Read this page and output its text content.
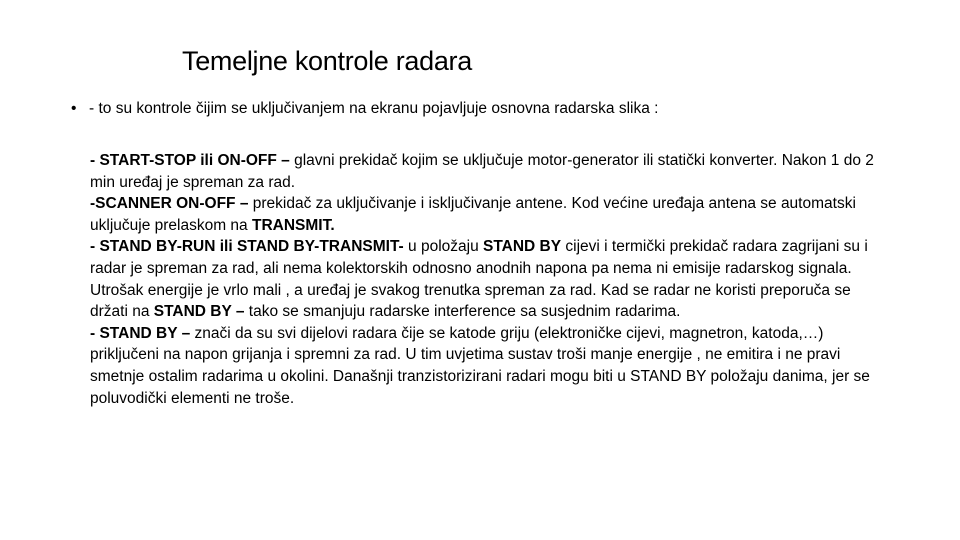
Temeljne kontrole radara
• - to su kontrole čijim se uključivanjem na ekranu pojavljuje osnovna radarska slika :

- START-STOP ili ON-OFF – glavni prekidač kojim se uključuje motor-generator ili statički konverter. Nakon 1 do 2 min uređaj je spreman za rad.

-SCANNER ON-OFF – prekidač za uključivanje i isključivanje antene. Kod većine uređaja antena se automatski uključuje prelaskom na TRANSMIT.

- STAND BY-RUN ili STAND BY-TRANSMIT- u položaju STAND BY cijevi i termički prekidač radara zagrijani su i radar je spreman za rad, ali nema kolektorskih odnosno anodnih napona pa nema ni emisije radarskog signala. Utrošak energije je vrlo mali , a uređaj je svakog trenutka spreman za rad. Kad se radar ne koristi preporuča se držati na STAND BY – tako se smanjuju radarske interference sa susjednim radarima.

- STAND BY – znači da su svi dijelovi radara čije se katode griju (elektroničke cijevi, magnetron, katoda,…) priključeni na napon grijanja i spremni za rad. U tim uvjetima sustav troši manje energije , ne emitira i ne pravi smetnje ostalim radarima u okolini. Današnji tranzistorizirani radari mogu biti u STAND BY položaju danima, jer se poluvodički elementi ne troše.
